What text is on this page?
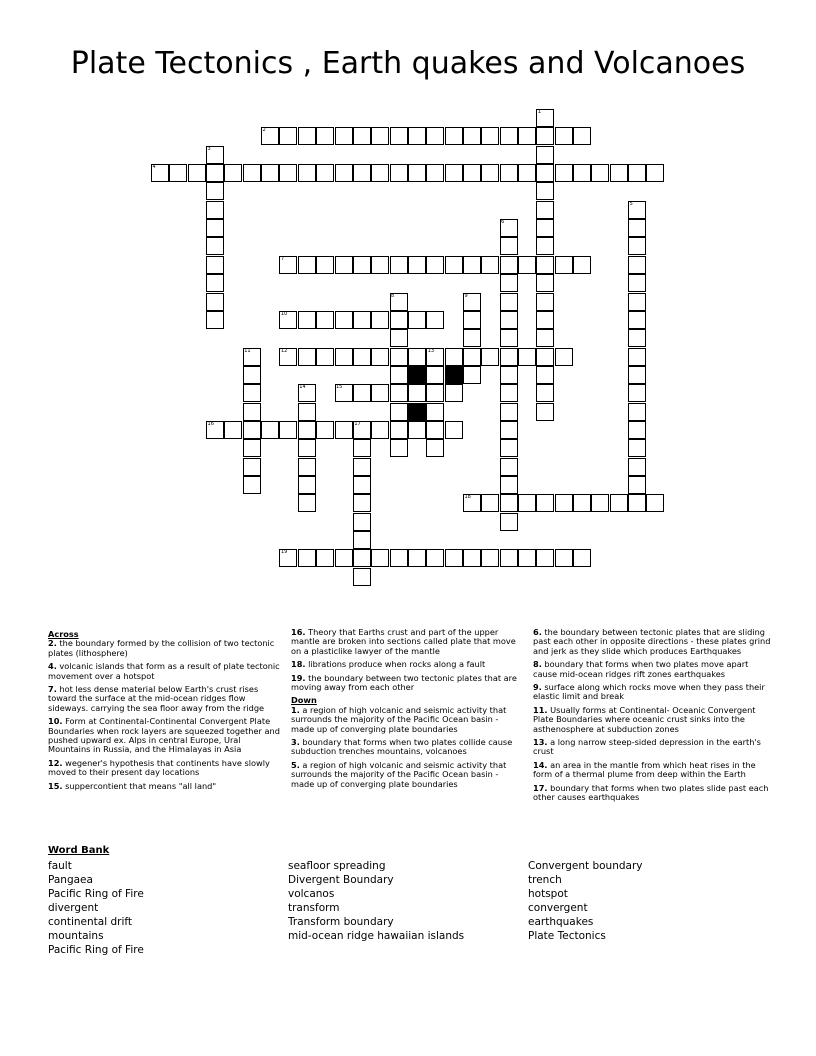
Plate Tectonics , Earth quakes and Volcanoes
1
2
3
4
5
6
7
8	9
10
11	12	13
14	15
16	17
18
19
Across
2. the boundary formed by the collision of two tectonic plates (lithosphere)
4. volcanic islands that form as a result of plate tectonic movement over a hotspot
7. hot less dense material below Earth's crust rises toward the surface at the mid-ocean ridges flow sideways. carrying the sea floor away from the ridge
10. Form at Continental-Continental Convergent Plate Boundaries when rock layers are squeezed together and pushed upward ex. Alps in central Europe, Ural Mountains in Russia, and the Himalayas in Asia
12. wegener's hypothesis that continents have slowly moved to their present day locations
15. suppercontient that means "all land"
16. Theory that Earths crust and part of the upper mantle are broken into sections called plate that move on a plasticlike lawyer of the mantle
18. librations produce when rocks along a fault
19. the boundary between two tectonic plates that are moving away from each other
Down
1. a region of high volcanic and seismic activity that surrounds the majority of the Pacific Ocean basin - made up of converging plate boundaries
3. boundary that forms when two plates collide cause subduction trenches mountains, volcanoes
5. a region of high volcanic and seismic activity that surrounds the majority of the Pacific Ocean basin - made up of converging plate boundaries
6. the boundary between tectonic plates that are sliding past each other in opposite directions - these plates grind and jerk as they slide which produces Earthquakes
8. boundary that forms when two plates move apart cause mid-ocean ridges rift zones earthquakes
9. surface along which rocks move when they pass their elastic limit and break
11. Usually forms at Continental- Oceanic Convergent Plate Boundaries where oceanic crust sinks into the asthenosphere at subduction zones
13. a long narrow steep-sided depression in the earth's crust
14. an area in the mantle from which heat rises in the form of a thermal plume from deep within the Earth
17. boundary that forms when two plates slide past each other causes earthquakes
Word Bank
fault
Pangaea
Pacific Ring of Fire
divergent
continental drift
mountains
Pacific Ring of Fire
seafloor spreading
Divergent Boundary
volcanos
transform
Transform boundary
mid-ocean ridge hawaiian islands
Convergent boundary
trench
hotspot
convergent
earthquakes
Plate Tectonics
